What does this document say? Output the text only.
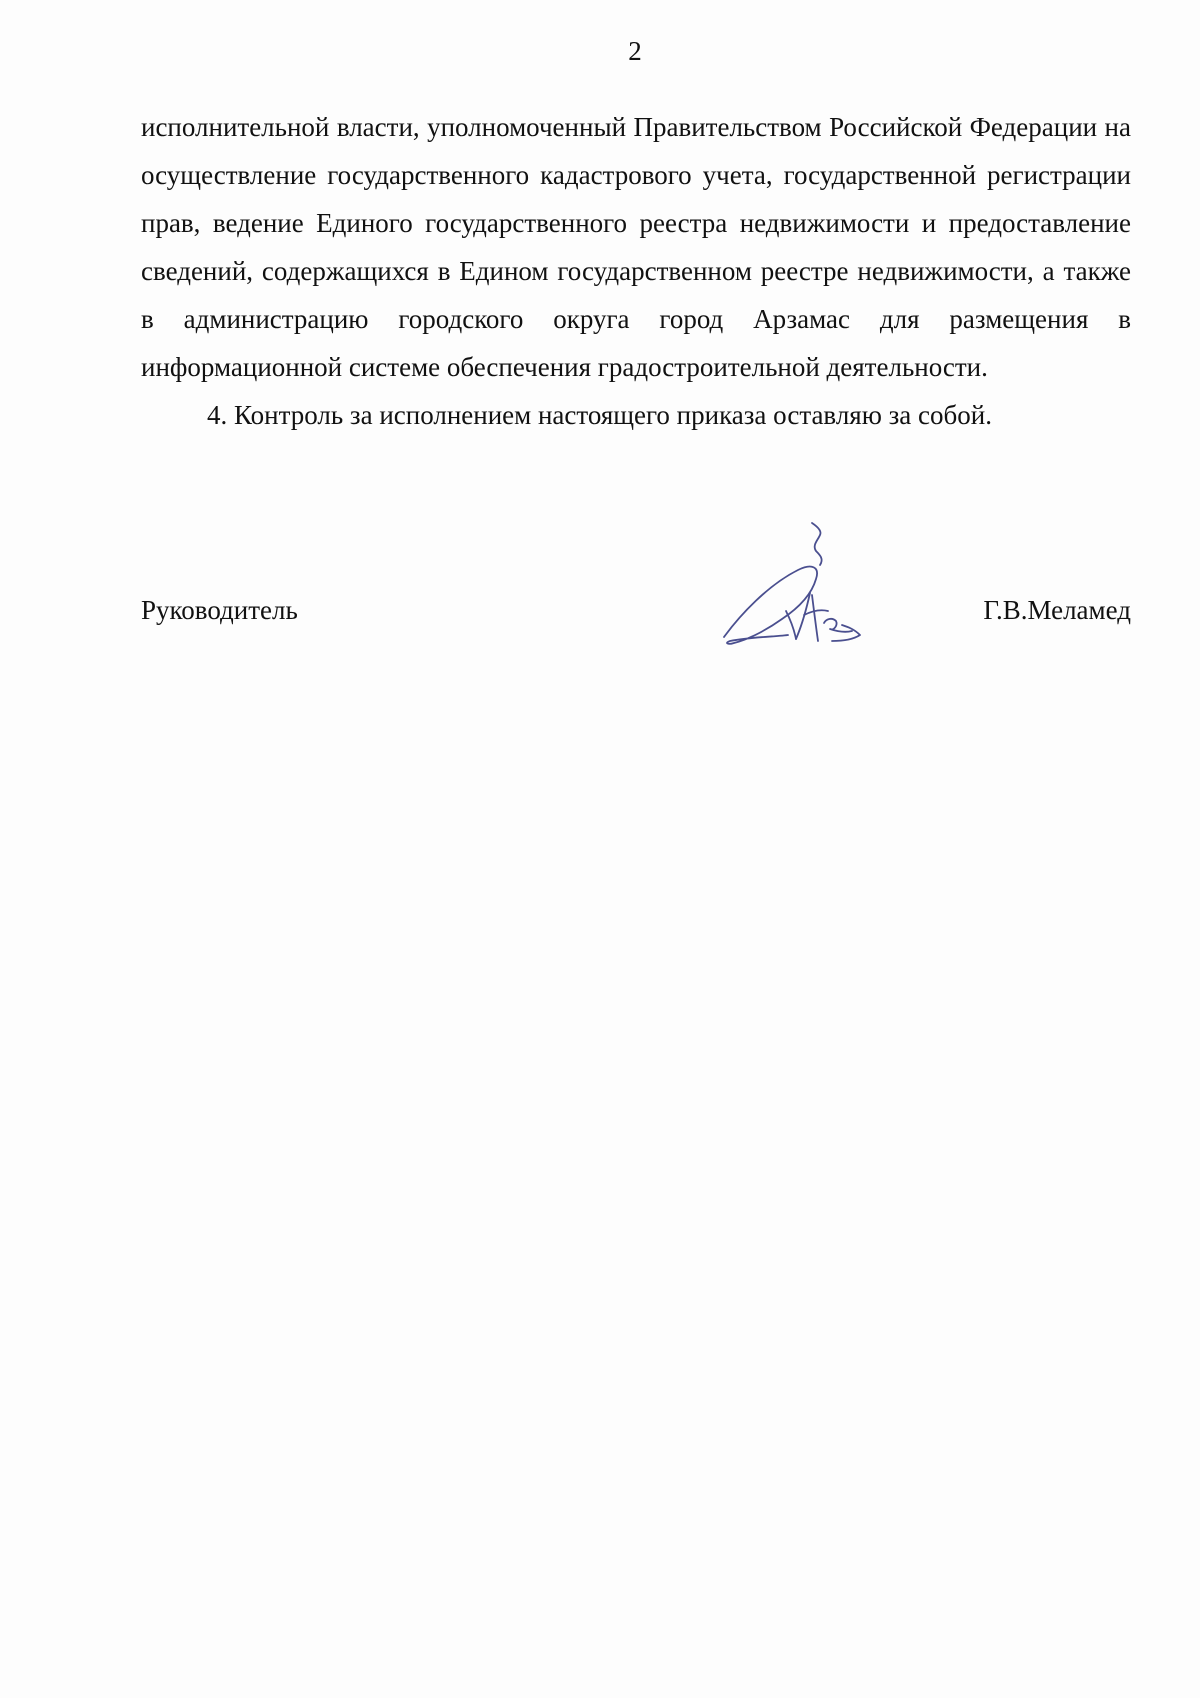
2

исполнительной власти, уполномоченный Правительством Российской Федерации на осуществление государственного кадастрового учета, государственной регистрации прав, ведение Единого государственного реестра недвижимости и предоставление сведений, содержащихся в Едином государственном реестре недвижимости, а также в администрацию городского округа город Арзамас для размещения в информационной системе обеспечения градостроительной деятельности.

4. Контроль за исполнением настоящего приказа оставляю за собой.

Руководитель	Г.В.Меламед
